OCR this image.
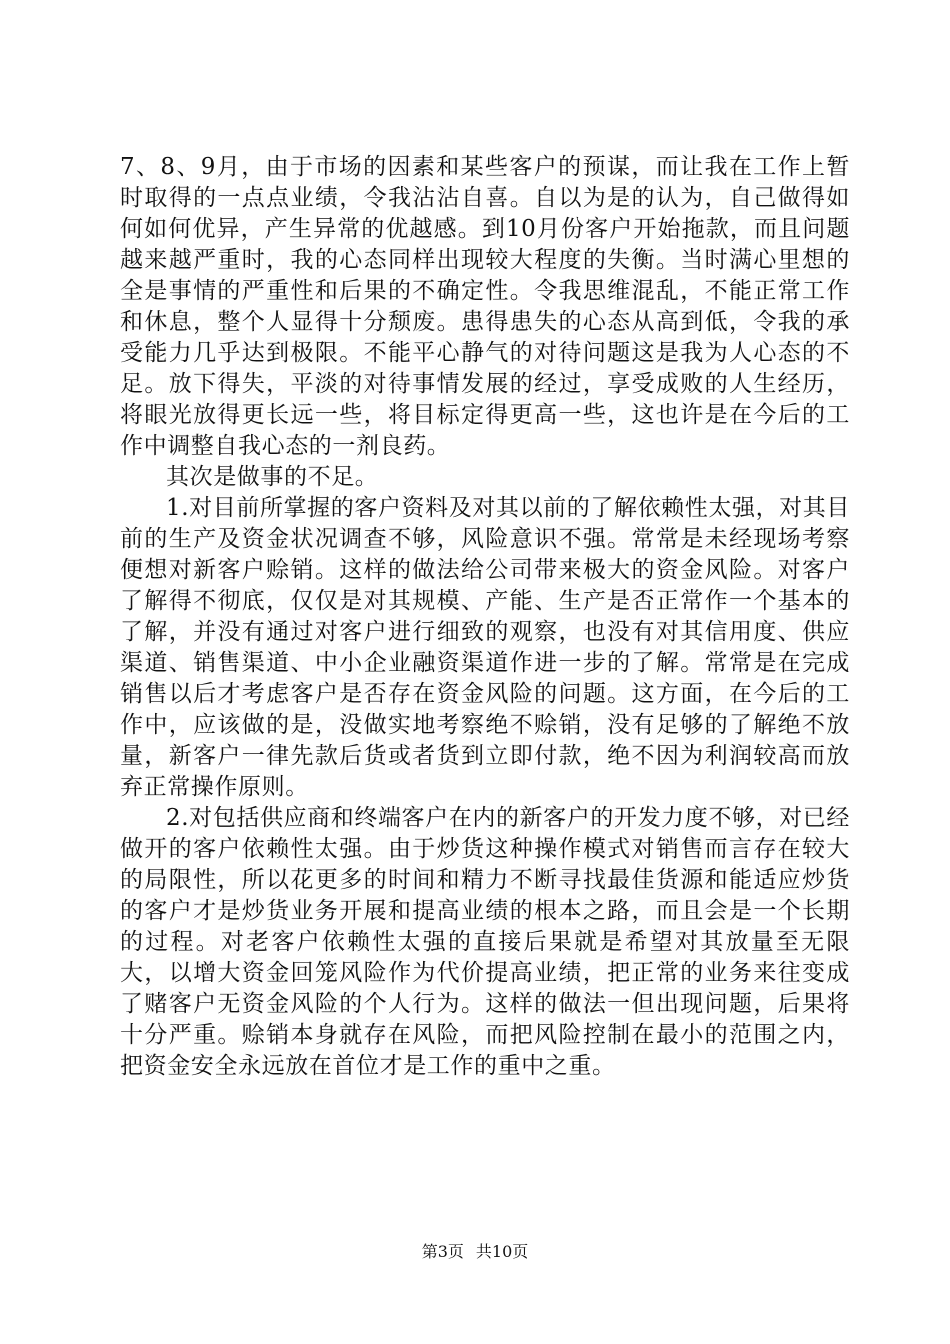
7、8、9月，由于市场的因素和某些客户的预谋，而让我在工作上暂时取得的一点点业绩，令我沾沾自喜。自以为是的认为，自己做得如何如何优异，产生异常的优越感。到10月份客户开始拖款，而且问题越来越严重时，我的心态同样出现较大程度的失衡。当时满心里想的全是事情的严重性和后果的不确定性。令我思维混乱，不能正常工作和休息，整个人显得十分颓废。患得患失的心态从高到低，令我的承受能力几乎达到极限。不能平心静气的对待问题这是我为人心态的不足。放下得失，平淡的对待事情发展的经过，享受成败的人生经历，将眼光放得更长远一些，将目标定得更高一些，这也许是在今后的工作中调整自我心态的一剂良药。

其次是做事的不足。

1.对目前所掌握的客户资料及对其以前的了解依赖性太强，对其目前的生产及资金状况调查不够，风险意识不强。常常是未经现场考察便想对新客户赊销。这样的做法给公司带来极大的资金风险。对客户了解得不彻底，仅仅是对其规模、产能、生产是否正常作一个基本的了解，并没有通过对客户进行细致的观察，也没有对其信用度、供应渠道、销售渠道、中小企业融资渠道作进一步的了解。常常是在完成销售以后才考虑客户是否存在资金风险的问题。这方面，在今后的工作中，应该做的是，没做实地考察绝不赊销，没有足够的了解绝不放量，新客户一律先款后货或者货到立即付款，绝不因为利润较高而放弃正常操作原则。

2.对包括供应商和终端客户在内的新客户的开发力度不够，对已经做开的客户依赖性太强。由于炒货这种操作模式对销售而言存在较大的局限性，所以花更多的时间和精力不断寻找最佳货源和能适应炒货的客户才是炒货业务开展和提高业绩的根本之路，而且会是一个长期的过程。对老客户依赖性太强的直接后果就是希望对其放量至无限大，以增大资金回笼风险作为代价提高业绩，把正常的业务来往变成了赌客户无资金风险的个人行为。这样的做法一但出现问题，后果将十分严重。赊销本身就存在风险，而把风险控制在最小的范围之内，把资金安全永远放在首位才是工作的重中之重。

第3页 共10页
